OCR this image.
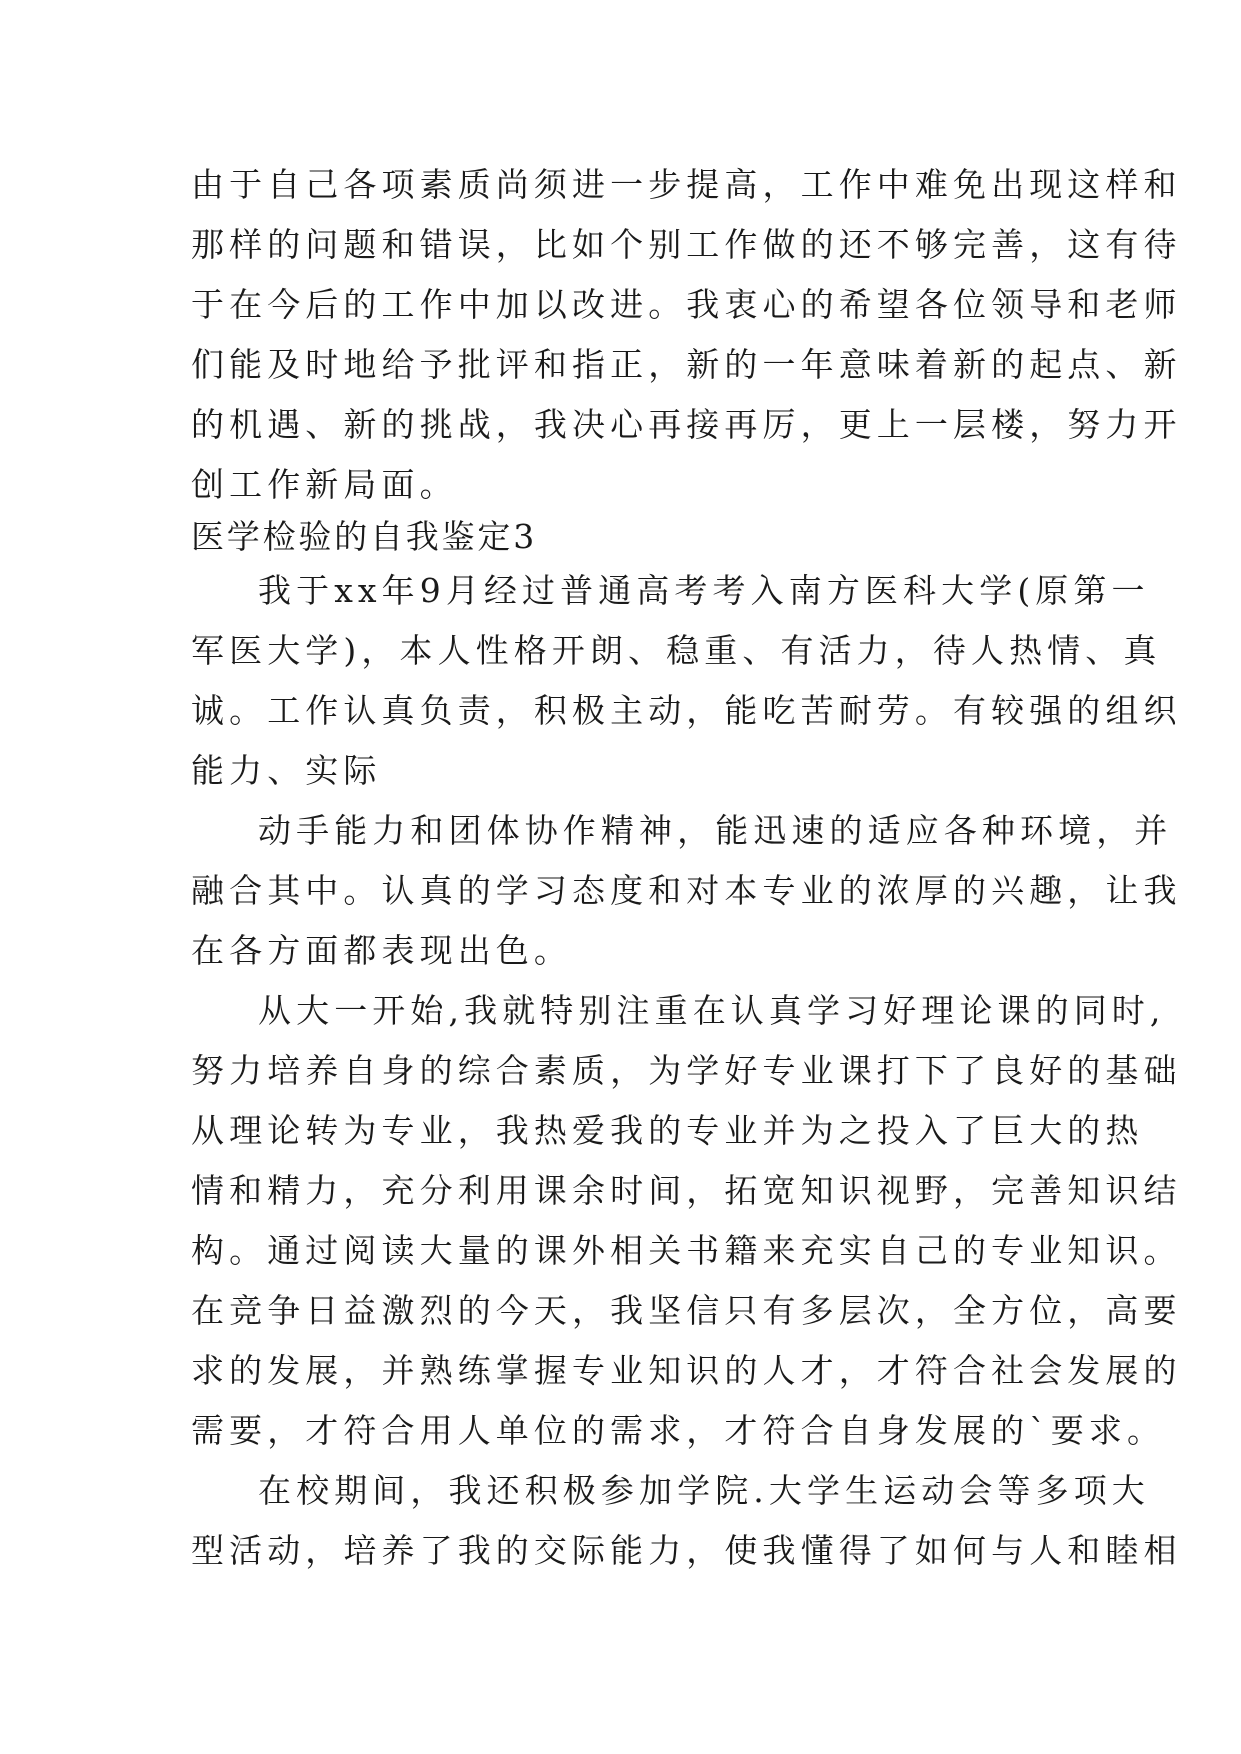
由于自己各项素质尚须进一步提高，工作中难免出现这样和
那样的问题和错误，比如个别工作做的还不够完善，这有待
于在今后的工作中加以改进。我衷心的希望各位领导和老师
们能及时地给予批评和指正，新的一年意味着新的起点、新
的机遇、新的挑战，我决心再接再厉，更上一层楼，努力开
创工作新局面。
医学检验的自我鉴定3
我于xx年9月经过普通高考考入南方医科大学(原第一
军医大学)，本人性格开朗、稳重、有活力，待人热情、真
诚。工作认真负责，积极主动，能吃苦耐劳。有较强的组织
能力、实际
动手能力和团体协作精神，能迅速的适应各种环境，并
融合其中。认真的学习态度和对本专业的浓厚的兴趣，让我
在各方面都表现出色。
从大一开始,我就特别注重在认真学习好理论课的同时,
努力培养自身的综合素质，为学好专业课打下了良好的基础
从理论转为专业，我热爱我的专业并为之投入了巨大的热
情和精力，充分利用课余时间，拓宽知识视野，完善知识结
构。通过阅读大量的课外相关书籍来充实自己的专业知识。
在竞争日益激烈的今天，我坚信只有多层次，全方位，高要
求的发展，并熟练掌握专业知识的人才，才符合社会发展的
需要，才符合用人单位的需求，才符合自身发展的`要求。
在校期间，我还积极参加学院.大学生运动会等多项大
型活动，培养了我的交际能力，使我懂得了如何与人和睦相
